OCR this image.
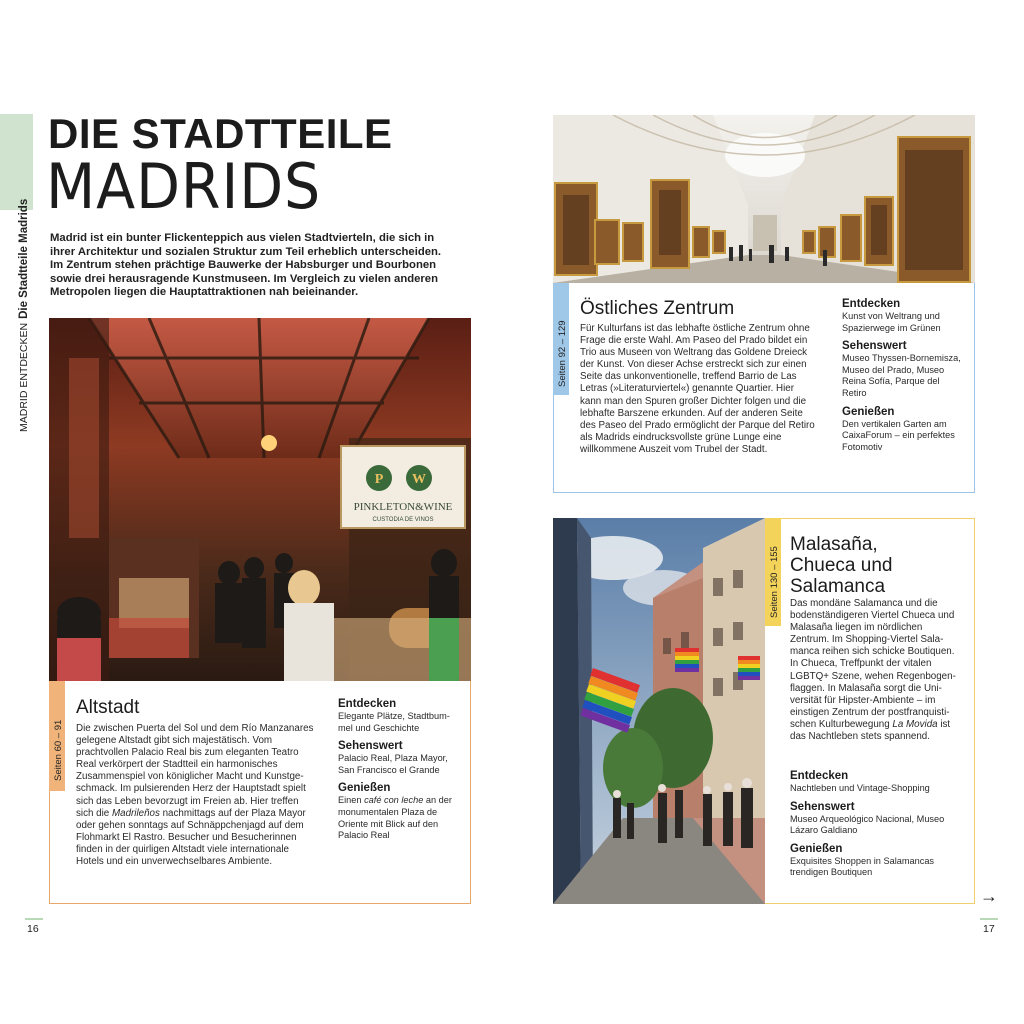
MADRID ENTDECKENDie Stadtteile Madrids
DIE STADTTEILE
MADRIDS
Madrid ist ein bunter Flickenteppich aus vielen Stadtvierteln, die sich in ihrer Architektur und sozialen Struktur zum Teil erheblich unterscheiden. Im Zentrum stehen prächtige Bauwerke der Habsburger und Bourbonen sowie drei herausragende Kunstmuseen. Im Vergleich zu vielen anderen Metropolen liegen die Hauptattraktionen nah beieinander.
P W
PINKLETON&WINE
CUSTODIA DE VINOS
Seiten 60 – 91
Altstadt
Die zwischen Puerta del Sol und dem Río Manzanares gelegene Altstadt gibt sich majestätisch. Vom prachtvollen Palacio Real bis zum eleganten Teatro Real verkörpert der Stadtteil ein harmonisches Zusammenspiel von königlicher Macht und Kunstge-schmack. Im pulsierenden Herz der Hauptstadt spielt sich das Leben bevorzugt im Freien ab. Hier treffen sich die Madrileños nachmittags auf der Plaza Mayor oder gehen sonntags auf Schnäppchenjagd auf dem Flohmarkt El Rastro. Besucher und Besucherinnen finden in der quirligen Altstadt viele internationale Hotels und ein unverwechselbares Ambiente.
Entdecken
Elegante Plätze, Stadtbum-mel und Geschichte
Sehenswert
Palacio Real, Plaza Mayor, San Francisco el Grande
Genießen
Einen café con leche an der monumentalen Plaza de Oriente mit Blick auf den Palacio Real
16
Seiten 92 – 129
Östliches Zentrum
Für Kulturfans ist das lebhafte östliche Zentrum ohne Frage die erste Wahl. Am Paseo del Prado bildet ein Trio aus Museen von Weltrang das Goldene Dreieck der Kunst. Von dieser Achse erstreckt sich zur einen Seite das unkonventionelle, treffend Barrio de Las Letras (»Literaturviertel«) genannte Quartier. Hier kann man den Spuren großer Dichter folgen und die lebhafte Barszene erkunden. Auf der anderen Seite des Paseo del Prado ermöglicht der Parque del Retiro als Madrids eindrucksvollste grüne Lunge eine willkommene Auszeit vom Trubel der Stadt.
Entdecken
Kunst von Weltrang und Spazierwege im Grünen
Sehenswert
Museo Thyssen-Bornemisza, Museo del Prado, Museo Reina Sofía, Parque del Retiro
Genießen
Den vertikalen Garten am CaixaForum – ein perfektes Fotomotiv
Seiten 130 – 155
Malasaña,
Chueca und
Salamanca
Das mondäne Salamanca und die bodenständigeren Viertel Chueca und Malasaña liegen im nördlichen Zentrum. Im Shopping-Viertel Sala-manca reihen sich schicke Boutiquen. In Chueca, Treffpunkt der vitalen LGBTQ+ Szene, wehen Regenbogen-flaggen. In Malasaña sorgt die Uni-versität für Hipster-Ambiente – im einstigen Zentrum der postfranquisti-schen Kulturbewegung La Movida ist das Nachtleben stets spannend.
Entdecken
Nachtleben und Vintage-Shopping
Sehenswert
Museo Arqueológico Nacional, Museo Lázaro Galdiano
Genießen
Exquisites Shoppen in Salamancas trendigen Boutiquen
→
17
